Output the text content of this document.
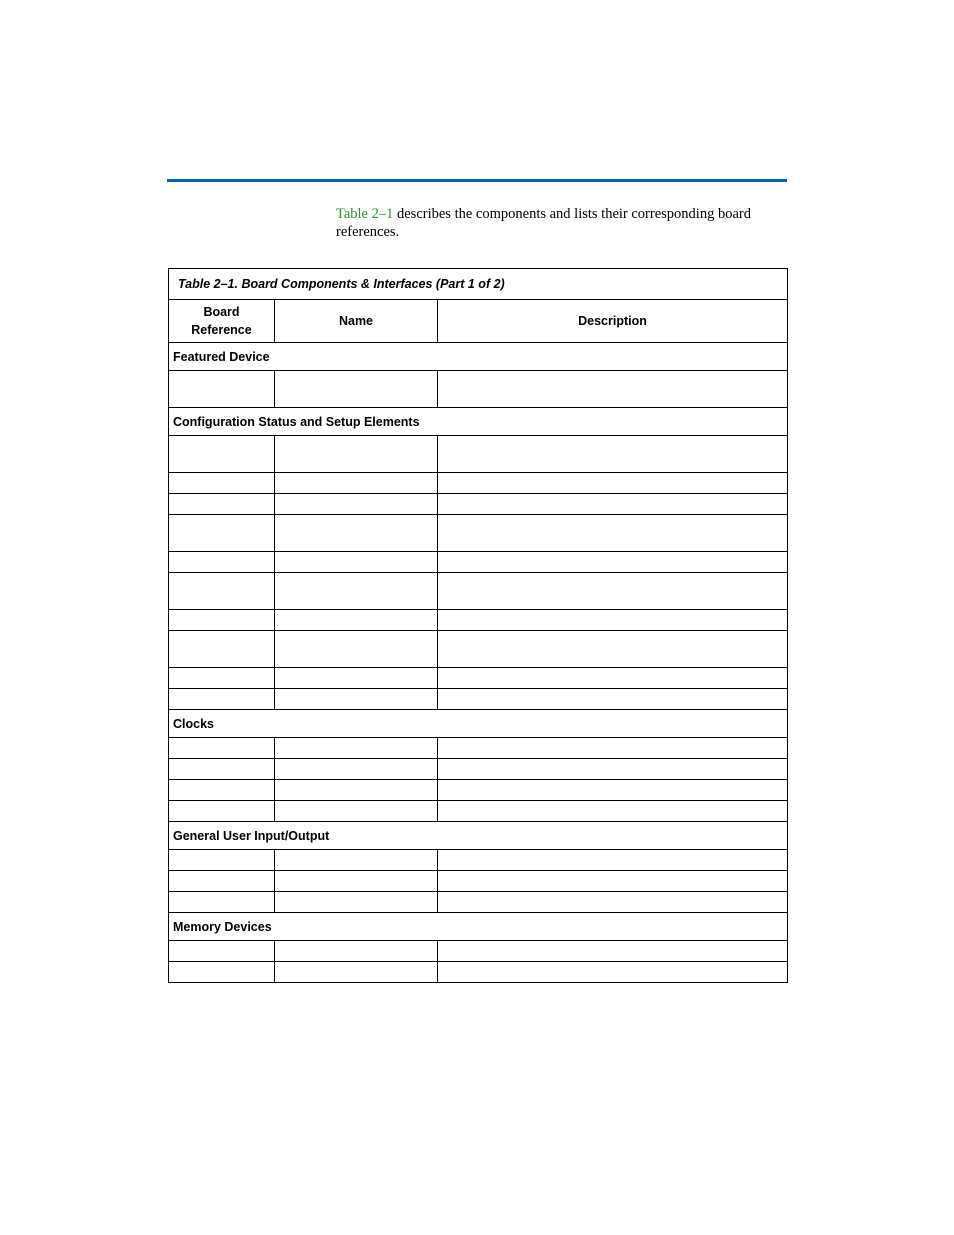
Table 2–1 describes the components and lists their corresponding board references.
Table 2–1. Board Components & Interfaces (Part 1 of 2)		
Board Reference	Name	Description
Featured Device		

Configuration Status and Setup Elements		

Clocks		

General User Input/Output		

Memory Devices		
